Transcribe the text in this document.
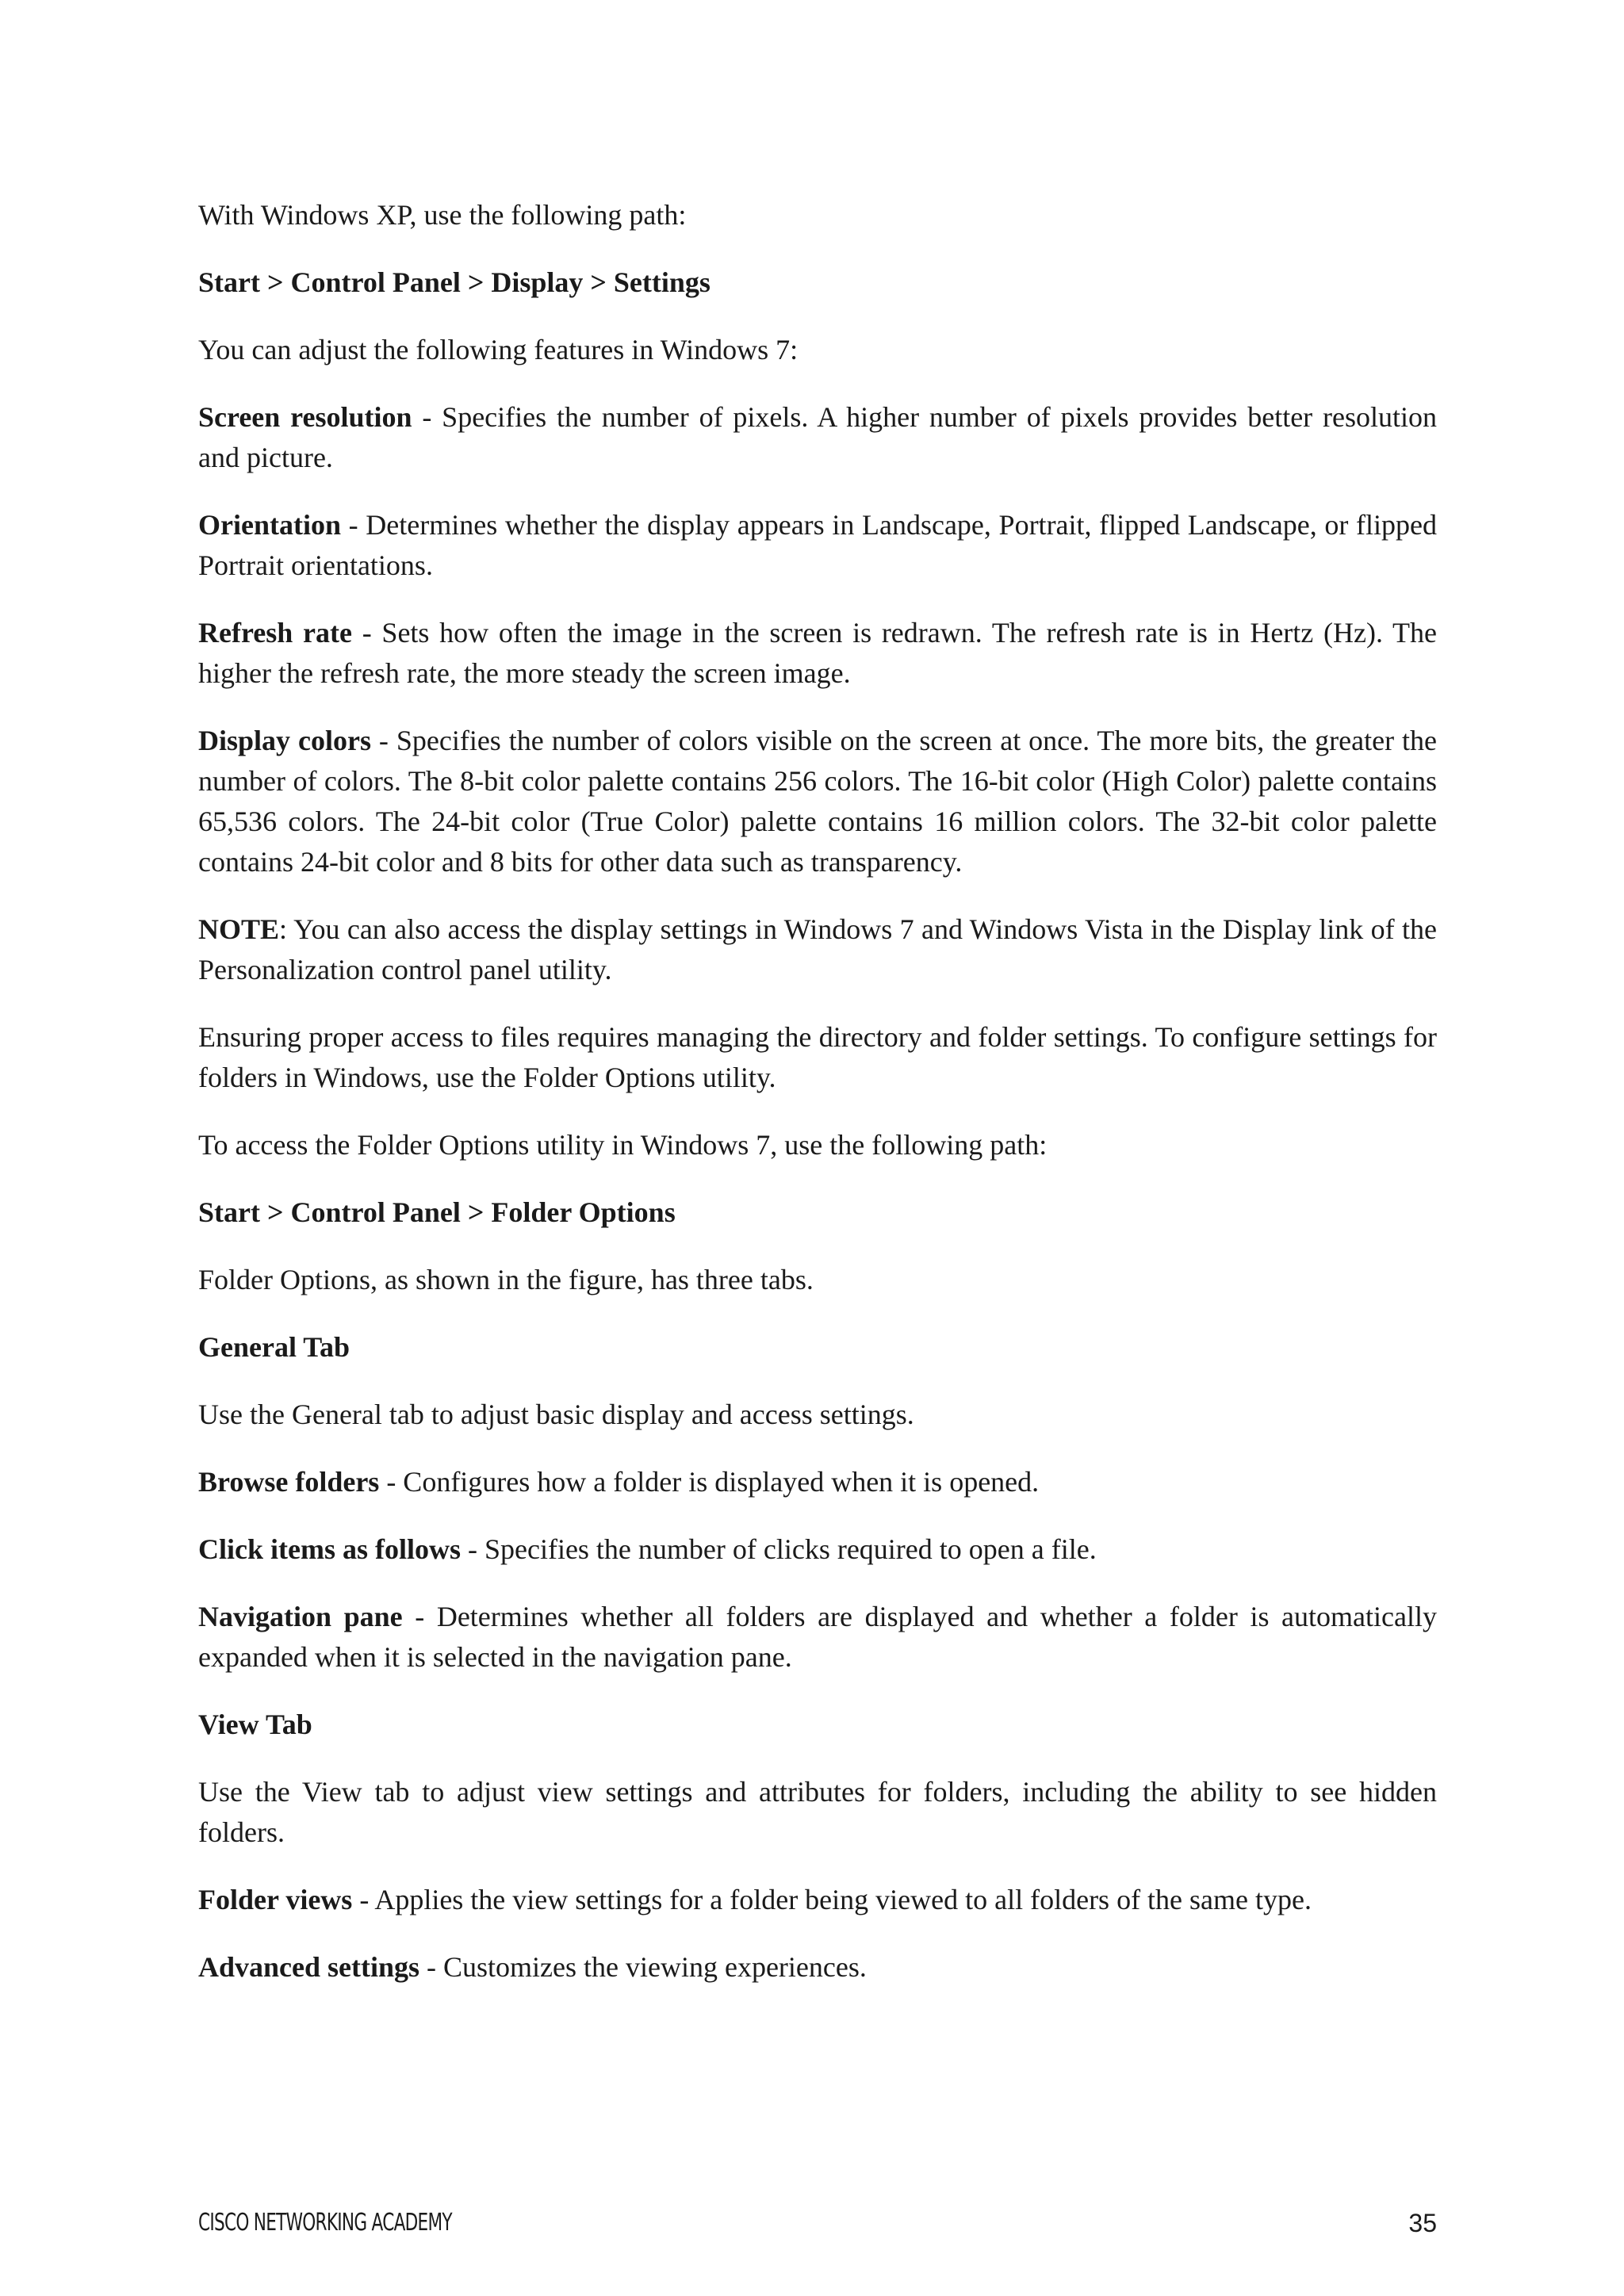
With Windows XP, use the following path:

Start > Control Panel > Display > Settings

You can adjust the following features in Windows 7:

Screen resolution - Specifies the number of pixels. A higher number of pixels provides better resolution and picture.

Orientation - Determines whether the display appears in Landscape, Portrait, flipped Landscape, or flipped Portrait orientations.

Refresh rate - Sets how often the image in the screen is redrawn. The refresh rate is in Hertz (Hz). The higher the refresh rate, the more steady the screen image.

Display colors - Specifies the number of colors visible on the screen at once. The more bits, the greater the number of colors. The 8-bit color palette contains 256 colors. The 16-bit color (High Color) palette contains 65,536 colors. The 24-bit color (True Color) palette contains 16 million colors. The 32-bit color palette contains 24-bit color and 8 bits for other data such as transparency.

NOTE: You can also access the display settings in Windows 7 and Windows Vista in the Display link of the Personalization control panel utility.

Ensuring proper access to files requires managing the directory and folder settings. To configure settings for folders in Windows, use the Folder Options utility.

To access the Folder Options utility in Windows 7, use the following path:

Start > Control Panel > Folder Options

Folder Options, as shown in the figure, has three tabs.

General Tab

Use the General tab to adjust basic display and access settings.

Browse folders - Configures how a folder is displayed when it is opened.

Click items as follows - Specifies the number of clicks required to open a file.

Navigation pane - Determines whether all folders are displayed and whether a folder is automatically expanded when it is selected in the navigation pane.

View Tab

Use the View tab to adjust view settings and attributes for folders, including the ability to see hidden folders.

Folder views - Applies the view settings for a folder being viewed to all folders of the same type.

Advanced settings - Customizes the viewing experiences.

CISCO NETWORKING ACADEMY	35
